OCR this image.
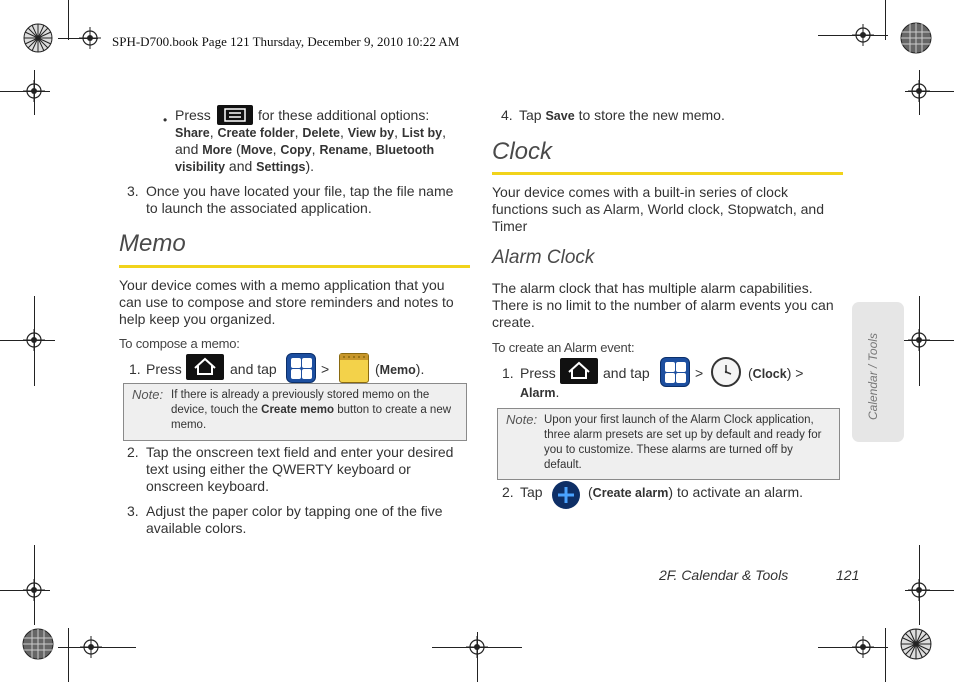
SPH-D700.book Page 121 Thursday, December 9, 2010 10:22 AM
Calendar / Tools
• Press	for these additional options:
Share, Create folder, Delete, View by, List by,
and More (Move, Copy, Rename, Bluetooth
visibility and Settings).
3. Once you have located your file, tap the file name
to launch the associated application.
Memo
Your device comes with a memo application that you
can use to compose and store reminders and notes to
help keep you organized.
To compose a memo:
1. Press	and tap	>	(Memo).
Note: If there is already a previously stored memo on the
device, touch the Create memo button to create a new
memo.
2. Tap the onscreen text field and enter your desired
text using either the QWERTY keyboard or
onscreen keyboard.
3. Adjust the paper color by tapping one of the five
available colors.
4. Tap Save to store the new memo.
Clock
Your device comes with a built-in series of clock
functions such as Alarm, World clock, Stopwatch, and
Timer
Alarm Clock
The alarm clock that has multiple alarm capabilities.
There is no limit to the number of alarm events you can
create.
To create an Alarm event:
1. Press	and tap	>	(Clock) >
Alarm.
Note: Upon your first launch of the Alarm Clock application,
three alarm presets are set up by default and ready for
you to customize. These alarms are turned off by
default.
2. Tap	(Create alarm) to activate an alarm.
2F. Calendar & Tools	121
